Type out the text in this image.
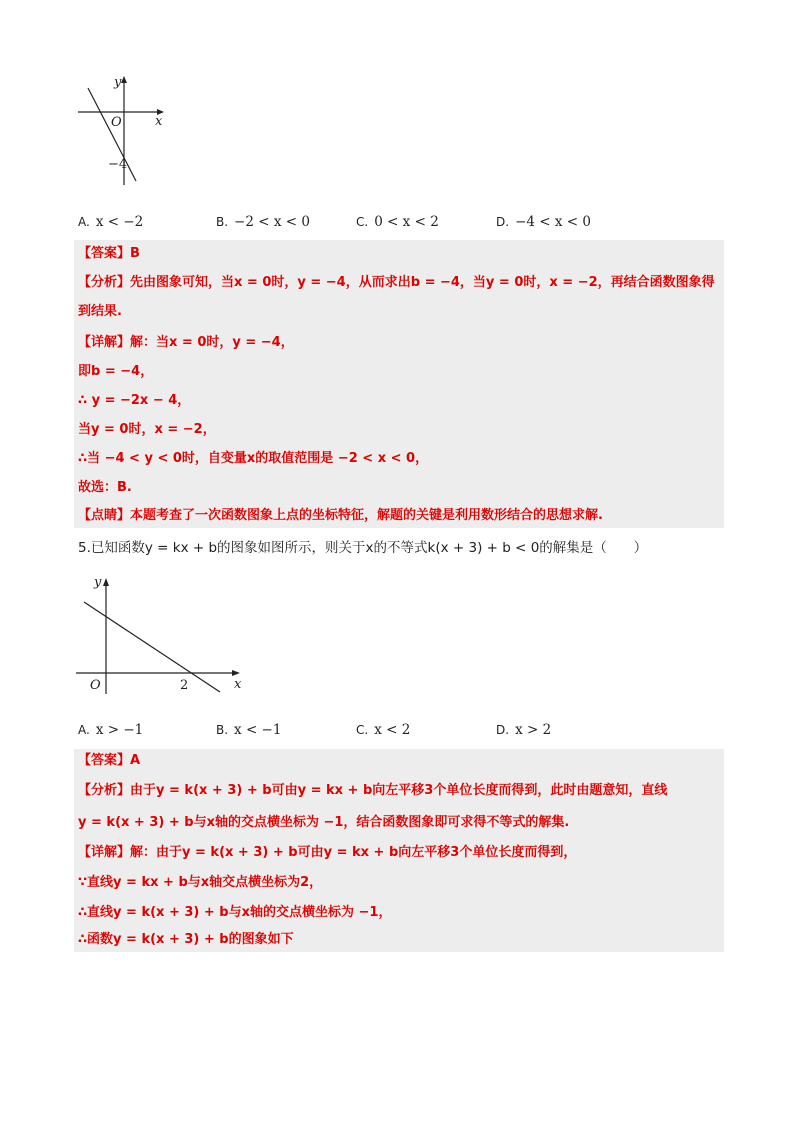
y
x
O
−4
A. x < −2	B. −2 < x < 0	C. 0 < x < 2	D. −4 < x < 0
【答案】B
【分析】先由图象可知，当x = 0时，y = −4，从而求出b = −4，当y = 0时，x = −2，再结合函数图象得
到结果.
【详解】解：当x = 0时，y = −4，
即b = −4，
∴ y = −2x − 4，
当y = 0时，x = −2，
∴当 −4 < y < 0时，自变量x的取值范围是 −2 < x < 0，
故选：B.
【点睛】本题考查了一次函数图象上点的坐标特征，解题的关键是利用数形结合的思想求解.
5.已知函数y = kx + b的图象如图所示，则关于x的不等式k(x + 3) + b < 0的解集是（　　）
y
x
O	2
A. x > −1	B. x < −1	C. x < 2	D. x > 2
【答案】A
【分析】由于y = k(x + 3) + b可由y = kx + b向左平移3个单位长度而得到，此时由题意知，直线
y = k(x + 3) + b与x轴的交点横坐标为 −1，结合函数图象即可求得不等式的解集.
【详解】解：由于y = k(x + 3) + b可由y = kx + b向左平移3个单位长度而得到，
∵直线y = kx + b与x轴交点横坐标为2，
∴直线y = k(x + 3) + b与x轴的交点横坐标为 −1，
∴函数y = k(x + 3) + b的图象如下
